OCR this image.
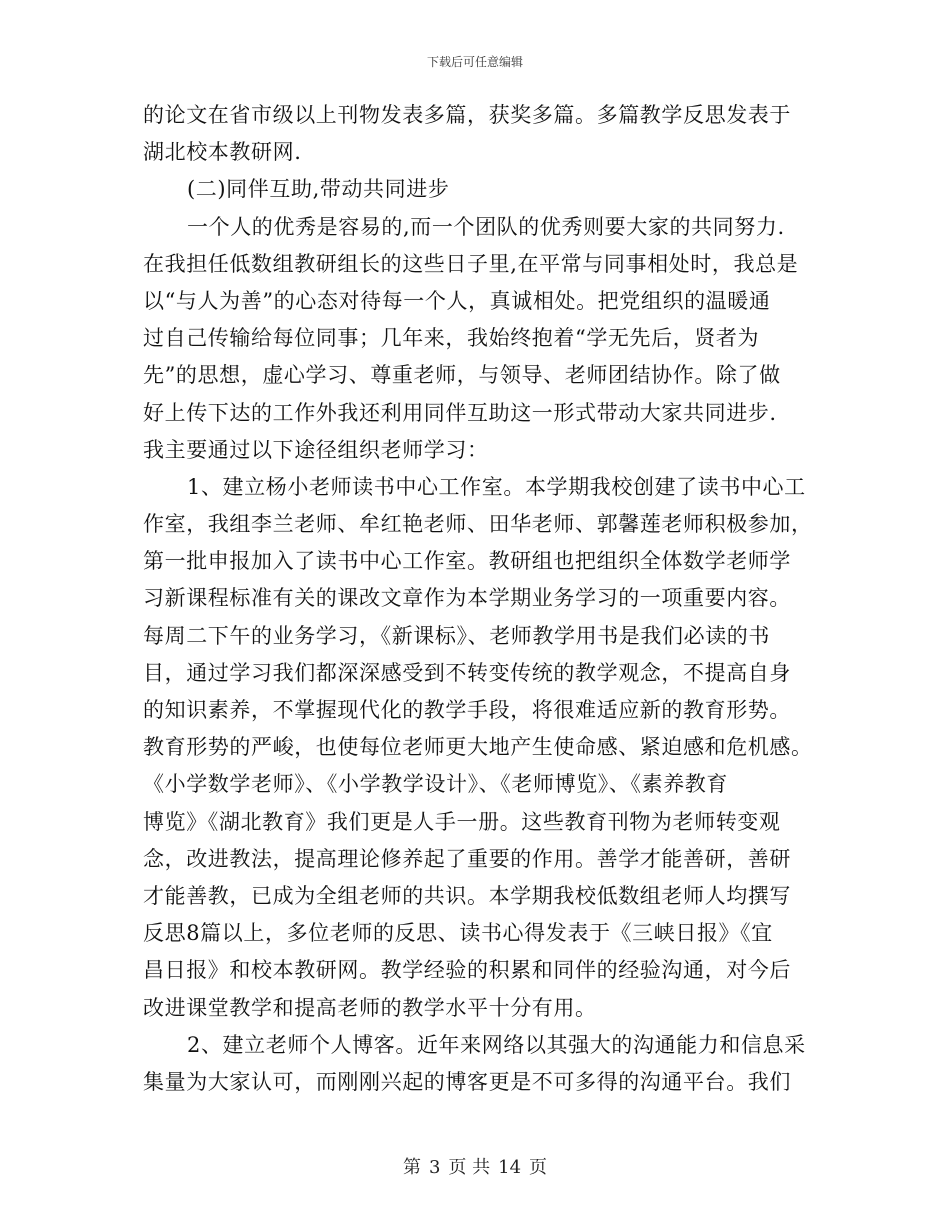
下载后可任意编辑
的论文在省市级以上刊物发表多篇，获奖多篇。多篇教学反思发表于
湖北校本教研网.
(二)同伴互助,带动共同进步
一个人的优秀是容易的,而一个团队的优秀则要大家的共同努力.
在我担任低数组教研组长的这些日子里,在平常与同事相处时，我总是
以“与人为善”的心态对待每一个人，真诚相处。把党组织的温暖通
过自己传输给每位同事；几年来，我始终抱着“学无先后，贤者为
先”的思想，虚心学习、尊重老师，与领导、老师团结协作。除了做
好上传下达的工作外我还利用同伴互助这一形式带动大家共同进步.
我主要通过以下途径组织老师学习：
1、建立杨小老师读书中心工作室。本学期我校创建了读书中心工
作室，我组李兰老师、牟红艳老师、田华老师、郭馨莲老师积极参加，
第一批申报加入了读书中心工作室。教研组也把组织全体数学老师学
习新课程标准有关的课改文章作为本学期业务学习的一项重要内容。
每周二下午的业务学习，《新课标》、老师教学用书是我们必读的书
目，通过学习我们都深深感受到不转变传统的教学观念，不提高自身
的知识素养，不掌握现代化的教学手段，将很难适应新的教育形势。
教育形势的严峻，也使每位老师更大地产生使命感、紧迫感和危机感。
《小学数学老师》、《小学教学设计》、《老师博览》、《素养教育
博览》《湖北教育》我们更是人手一册。这些教育刊物为老师转变观
念，改进教法，提高理论修养起了重要的作用。善学才能善研，善研
才能善教，已成为全组老师的共识。本学期我校低数组老师人均撰写
反思8篇以上，多位老师的反思、读书心得发表于《三峡日报》《宜
昌日报》和校本教研网。教学经验的积累和同伴的经验沟通，对今后
改进课堂教学和提高老师的教学水平十分有用。
2、建立老师个人博客。近年来网络以其强大的沟通能力和信息采
集量为大家认可，而刚刚兴起的博客更是不可多得的沟通平台。我们
第 3 页 共 14 页
